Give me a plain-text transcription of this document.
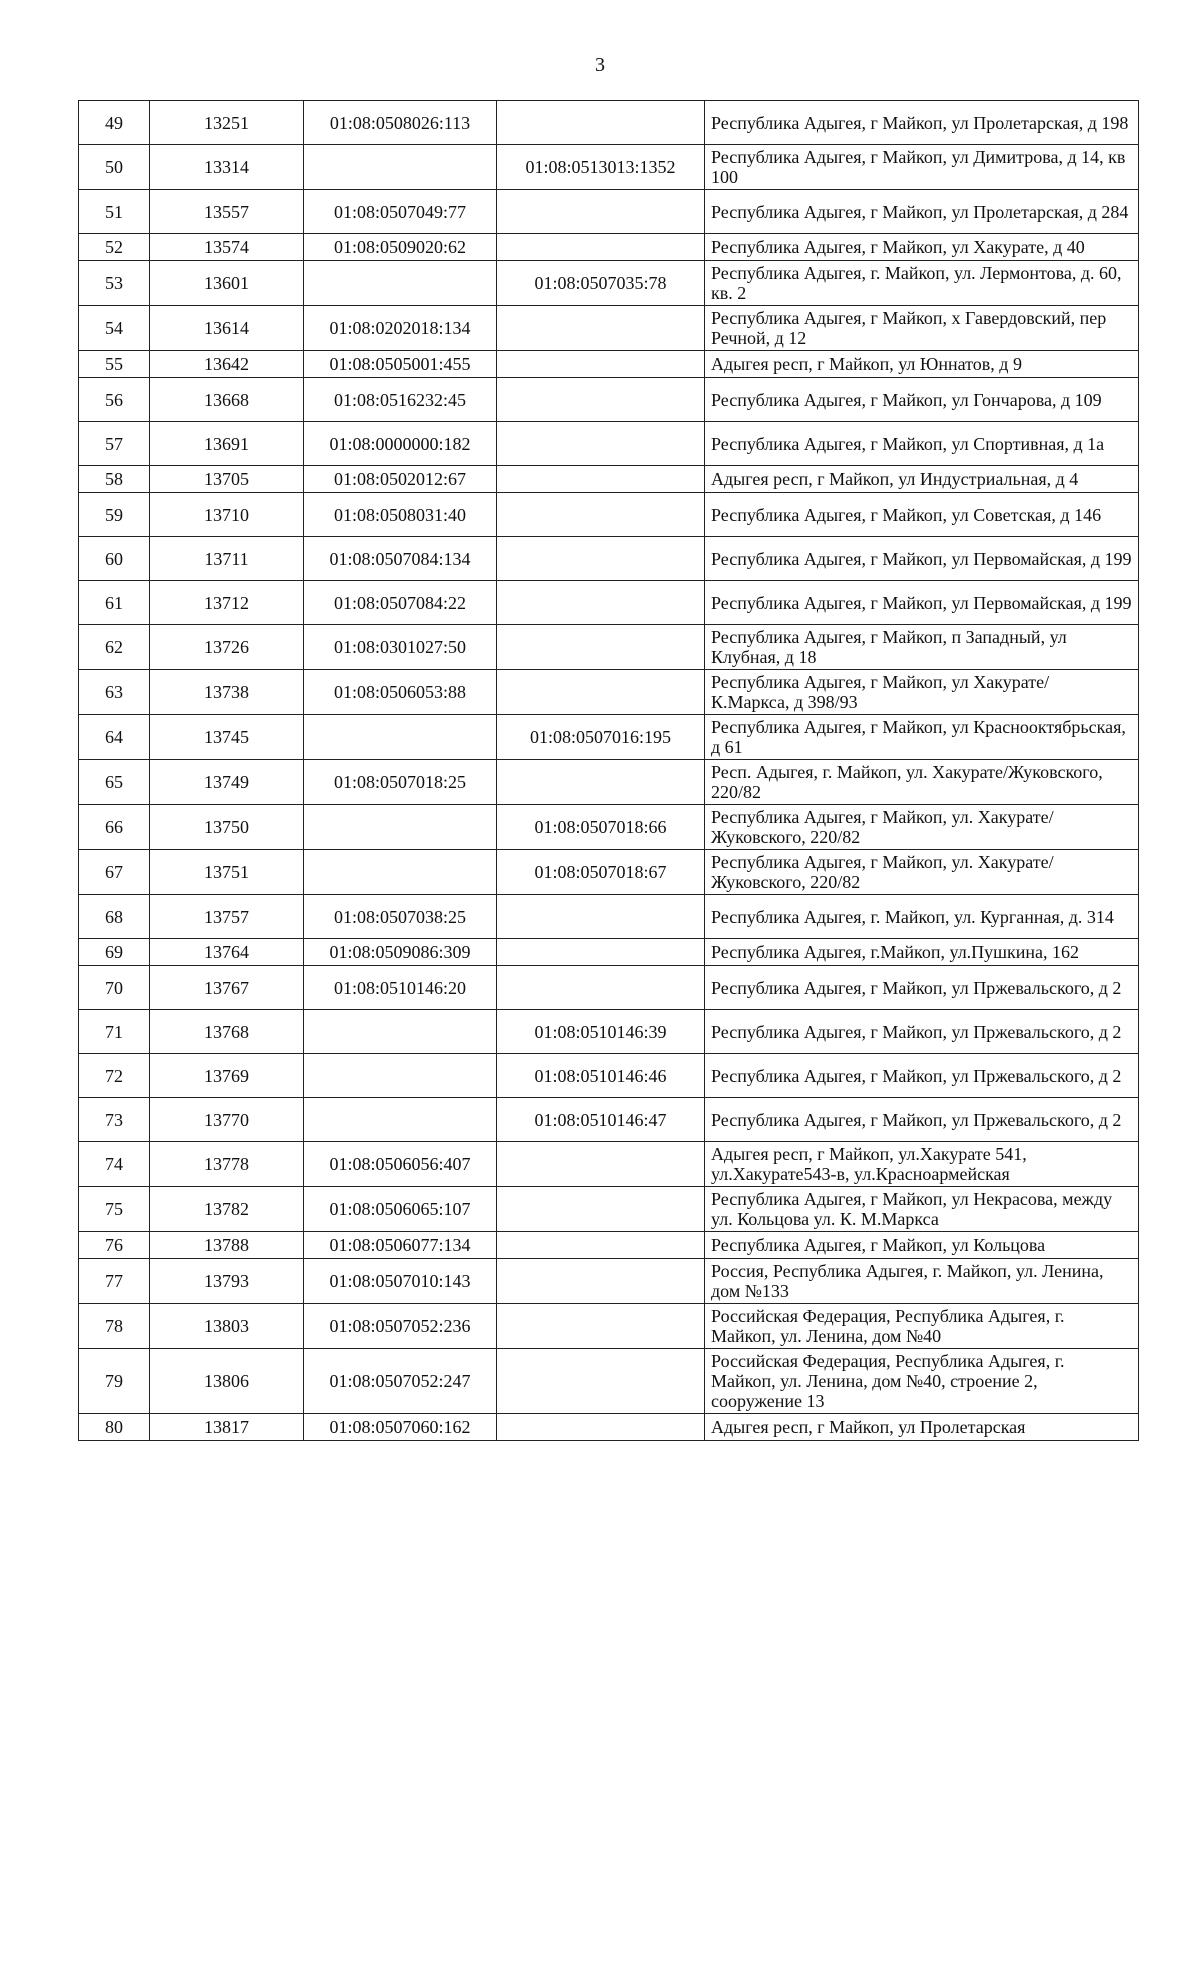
3
49	13251	01:08:0508026:113		Республика Адыгея, г Майкоп, ул Пролетарская, д 198
50	13314		01:08:0513013:1352	Республика Адыгея, г Майкоп, ул Димитрова, д 14, кв 100
51	13557	01:08:0507049:77		Республика Адыгея, г Майкоп, ул Пролетарская, д 284
52	13574	01:08:0509020:62		Республика Адыгея, г Майкоп, ул Хакурате, д 40
53	13601		01:08:0507035:78	Республика Адыгея, г. Майкоп, ул. Лермонтова, д. 60, кв. 2
54	13614	01:08:0202018:134		Республика Адыгея, г Майкоп, х Гавердовский, пер Речной, д 12
55	13642	01:08:0505001:455		Адыгея респ, г Майкоп, ул Юннатов, д 9
56	13668	01:08:0516232:45		Республика Адыгея, г Майкоп, ул Гончарова, д 109
57	13691	01:08:0000000:182		Республика Адыгея, г Майкоп, ул Спортивная, д 1а
58	13705	01:08:0502012:67		Адыгея респ, г Майкоп, ул Индустриальная, д 4
59	13710	01:08:0508031:40		Республика Адыгея, г Майкоп, ул Советская, д 146
60	13711	01:08:0507084:134		Республика Адыгея, г Майкоп, ул Первомайская, д 199
61	13712	01:08:0507084:22		Республика Адыгея, г Майкоп, ул Первомайская, д 199
62	13726	01:08:0301027:50		Республика Адыгея, г Майкоп, п Западный, ул Клубная, д 18
63	13738	01:08:0506053:88		Республика Адыгея, г Майкоп, ул Хакурате/ К.Маркса, д 398/93
64	13745		01:08:0507016:195	Республика Адыгея, г Майкоп, ул Краснооктябрьская, д 61
65	13749	01:08:0507018:25		Респ. Адыгея, г. Майкоп, ул. Хакурате/Жуковского, 220/82
66	13750		01:08:0507018:66	Республика Адыгея, г Майкоп, ул. Хакурате/Жуковского, 220/82
67	13751		01:08:0507018:67	Республика Адыгея, г Майкоп, ул. Хакурате/Жуковского, 220/82
68	13757	01:08:0507038:25		Республика Адыгея, г. Майкоп, ул. Курганная, д. 314
69	13764	01:08:0509086:309		Республика Адыгея, г.Майкоп, ул.Пушкина, 162
70	13767	01:08:0510146:20		Республика Адыгея, г Майкоп, ул Пржевальского, д 2
71	13768		01:08:0510146:39	Республика Адыгея, г Майкоп, ул Пржевальского, д 2
72	13769		01:08:0510146:46	Республика Адыгея, г Майкоп, ул Пржевальского, д 2
73	13770		01:08:0510146:47	Республика Адыгея, г Майкоп, ул Пржевальского, д 2
74	13778	01:08:0506056:407		Адыгея респ, г Майкоп, ул.Хакурате 541, ул.Хакурате543-в, ул.Красноармейская
75	13782	01:08:0506065:107		Республика Адыгея, г Майкоп, ул Некрасова, между ул. Кольцова ул. К. М.Маркса
76	13788	01:08:0506077:134		Республика Адыгея, г Майкоп, ул Кольцова
77	13793	01:08:0507010:143		Россия, Республика Адыгея, г. Майкоп, ул. Ленина, дом №133
78	13803	01:08:0507052:236		Российская Федерация, Республика Адыгея, г. Майкоп, ул. Ленина, дом №40
79	13806	01:08:0507052:247		Российская Федерация, Республика Адыгея, г. Майкоп, ул. Ленина, дом №40, строение 2, сооружение 13
80	13817	01:08:0507060:162		Адыгея респ, г Майкоп, ул Пролетарская
